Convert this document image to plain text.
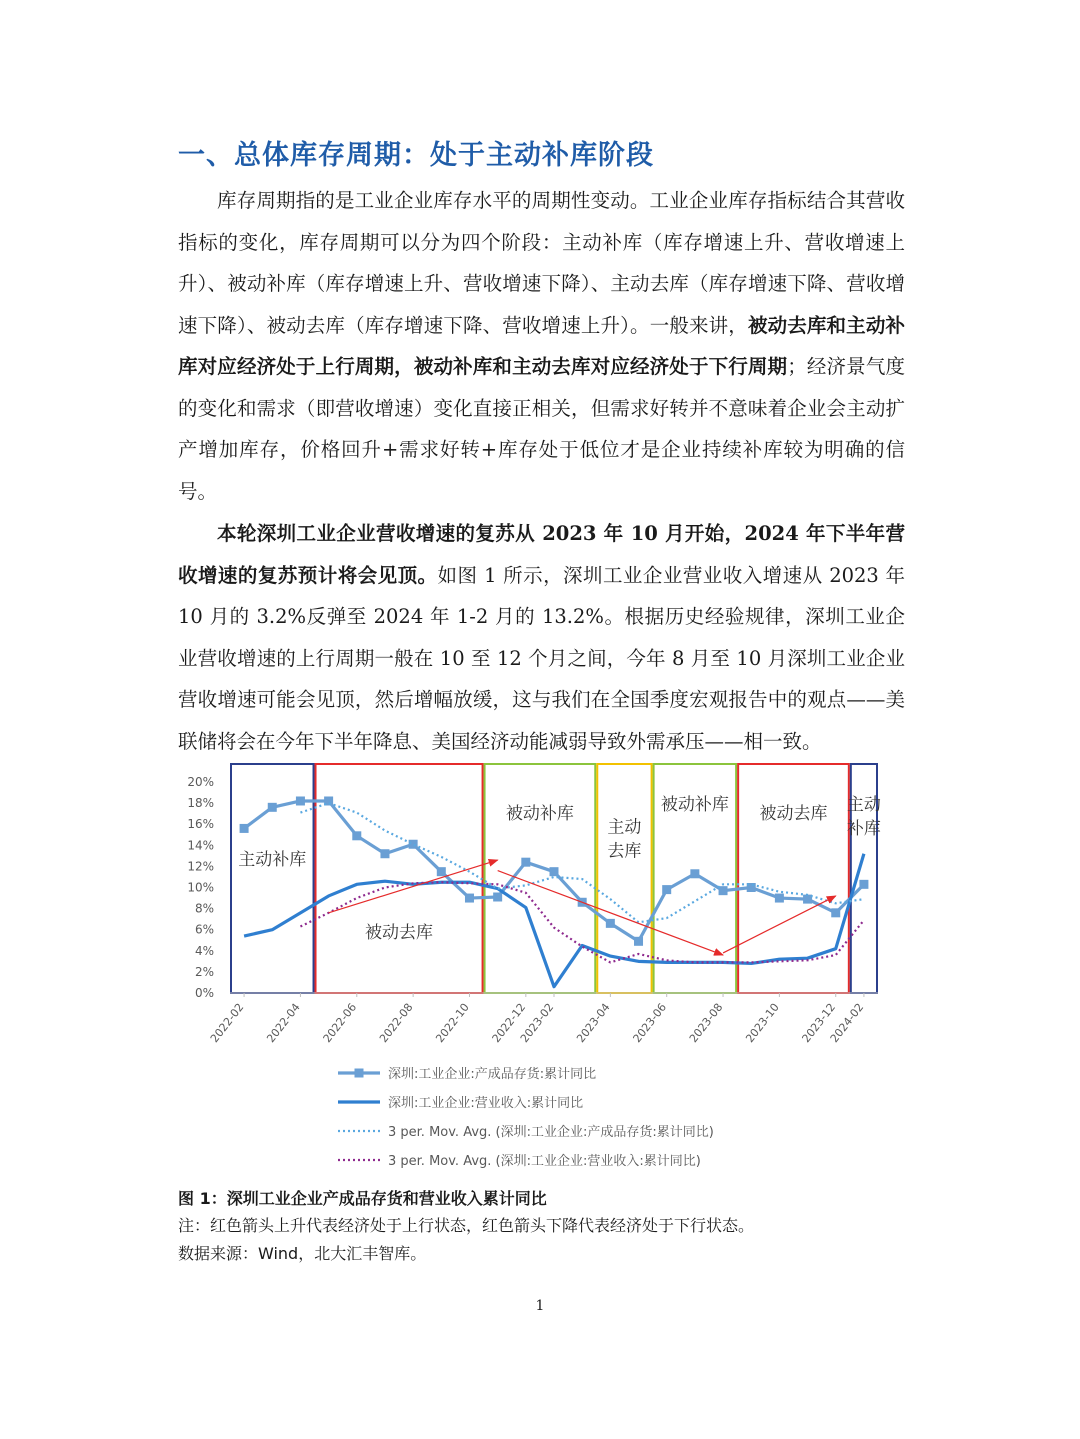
一、总体库存周期：处于主动补库阶段

库存周期指的是工业企业库存水平的周期性变动。工业企业库存指标结合其营收指标的变化，库存周期可以分为四个阶段：主动补库（库存增速上升、营收增速上升）、被动补库（库存增速上升、营收增速下降）、主动去库（库存增速下降、营收增速下降）、被动去库（库存增速下降、营收增速上升）。一般来讲，被动去库和主动补库对应经济处于上行周期，被动补库和主动去库对应经济处于下行周期；经济景气度的变化和需求（即营收增速）变化直接正相关，但需求好转并不意味着企业会主动扩产增加库存，价格回升+需求好转+库存处于低位才是企业持续补库较为明确的信号。

本轮深圳工业企业营收增速的复苏从 2023 年 10 月开始，2024 年下半年营收增速的复苏预计将会见顶。如图 1 所示，深圳工业企业营业收入增速从 2023 年 10 月的 3.2%反弹至 2024 年 1-2 月的 13.2%。根据历史经验规律，深圳工业企业营收增速的上行周期一般在 10 至 12 个月之间，今年 8 月至 10 月深圳工业企业营收增速可能会见顶，然后增幅放缓，这与我们在全国季度宏观报告中的观点——美联储将会在今年下半年降息、美国经济动能减弱导致外需承压——相一致。

主动补库
被动去库
被动补库
主动
去库
被动补库 被动去库 主动
补库
0%
2%
4%
6%
8%
10%
12%
14%
16%
18%
20%
2022-02 2022-04 2022-06 2022-08 2022-10 2022-12
2023-02 2023-04 2023-06 2023-08 2023-10 2023-12
2024-02
深圳:工业企业:产成品存货:累计同比
深圳:工业企业:营业收入:累计同比
3 per. Mov. Avg. (深圳:工业企业:产成品存货:累计同比)
3 per. Mov. Avg. (深圳:工业企业:营业收入:累计同比)

图 1：深圳工业企业产成品存货和营业收入累计同比

注：红色箭头上升代表经济处于上行状态，红色箭头下降代表经济处于下行状态。

数据来源：Wind，北大汇丰智库。

1
